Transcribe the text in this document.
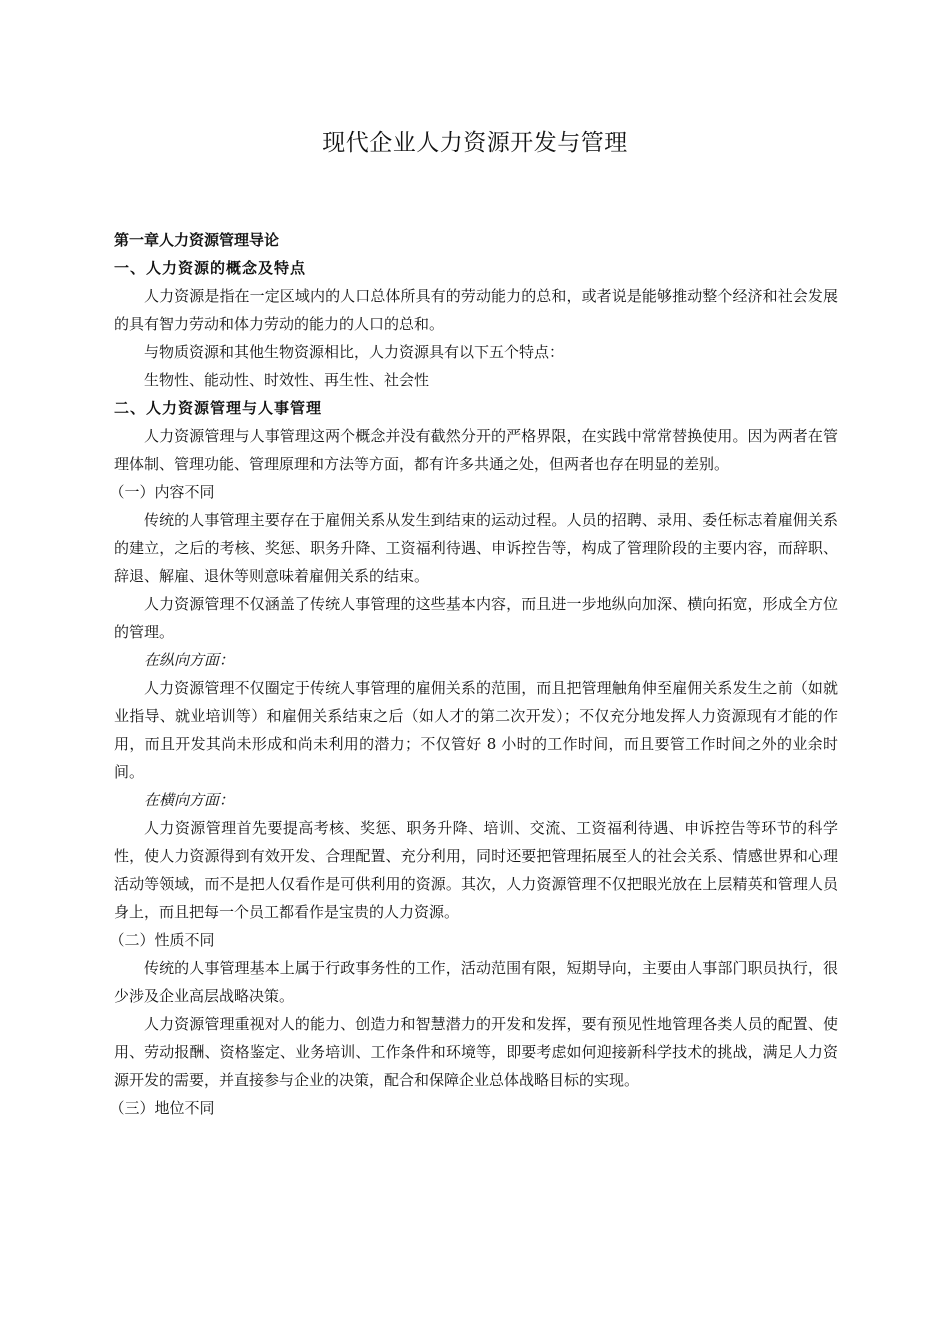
现代企业人力资源开发与管理

第一章人力资源管理导论

一、人力资源的概念及特点

人力资源是指在一定区域内的人口总体所具有的劳动能力的总和，或者说是能够推动整个经济和社会发展的具有智力劳动和体力劳动的能力的人口的总和。

与物质资源和其他生物资源相比，人力资源具有以下五个特点：

生物性、能动性、时效性、再生性、社会性

二、人力资源管理与人事管理

人力资源管理与人事管理这两个概念并没有截然分开的严格界限，在实践中常常替换使用。因为两者在管理体制、管理功能、管理原理和方法等方面，都有许多共通之处，但两者也存在明显的差别。

（一）内容不同

传统的人事管理主要存在于雇佣关系从发生到结束的运动过程。人员的招聘、录用、委任标志着雇佣关系的建立，之后的考核、奖惩、职务升降、工资福利待遇、申诉控告等，构成了管理阶段的主要内容，而辞职、辞退、解雇、退休等则意味着雇佣关系的结束。

人力资源管理不仅涵盖了传统人事管理的这些基本内容，而且进一步地纵向加深、横向拓宽，形成全方位的管理。

在纵向方面：

人力资源管理不仅圈定于传统人事管理的雇佣关系的范围，而且把管理触角伸至雇佣关系发生之前（如就业指导、就业培训等）和雇佣关系结束之后（如人才的第二次开发）；不仅充分地发挥人力资源现有才能的作用，而且开发其尚未形成和尚未利用的潜力；不仅管好 8 小时的工作时间，而且要管工作时间之外的业余时间。

在横向方面：

人力资源管理首先要提高考核、奖惩、职务升降、培训、交流、工资福利待遇、申诉控告等环节的科学性，使人力资源得到有效开发、合理配置、充分利用，同时还要把管理拓展至人的社会关系、情感世界和心理活动等领域，而不是把人仅看作是可供利用的资源。其次，人力资源管理不仅把眼光放在上层精英和管理人员身上，而且把每一个员工都看作是宝贵的人力资源。

（二）性质不同

传统的人事管理基本上属于行政事务性的工作，活动范围有限，短期导向，主要由人事部门职员执行，很少涉及企业高层战略决策。

人力资源管理重视对人的能力、创造力和智慧潜力的开发和发挥，要有预见性地管理各类人员的配置、使用、劳动报酬、资格鉴定、业务培训、工作条件和环境等，即要考虑如何迎接新科学技术的挑战，满足人力资源开发的需要，并直接参与企业的决策，配合和保障企业总体战略目标的实现。

（三）地位不同
